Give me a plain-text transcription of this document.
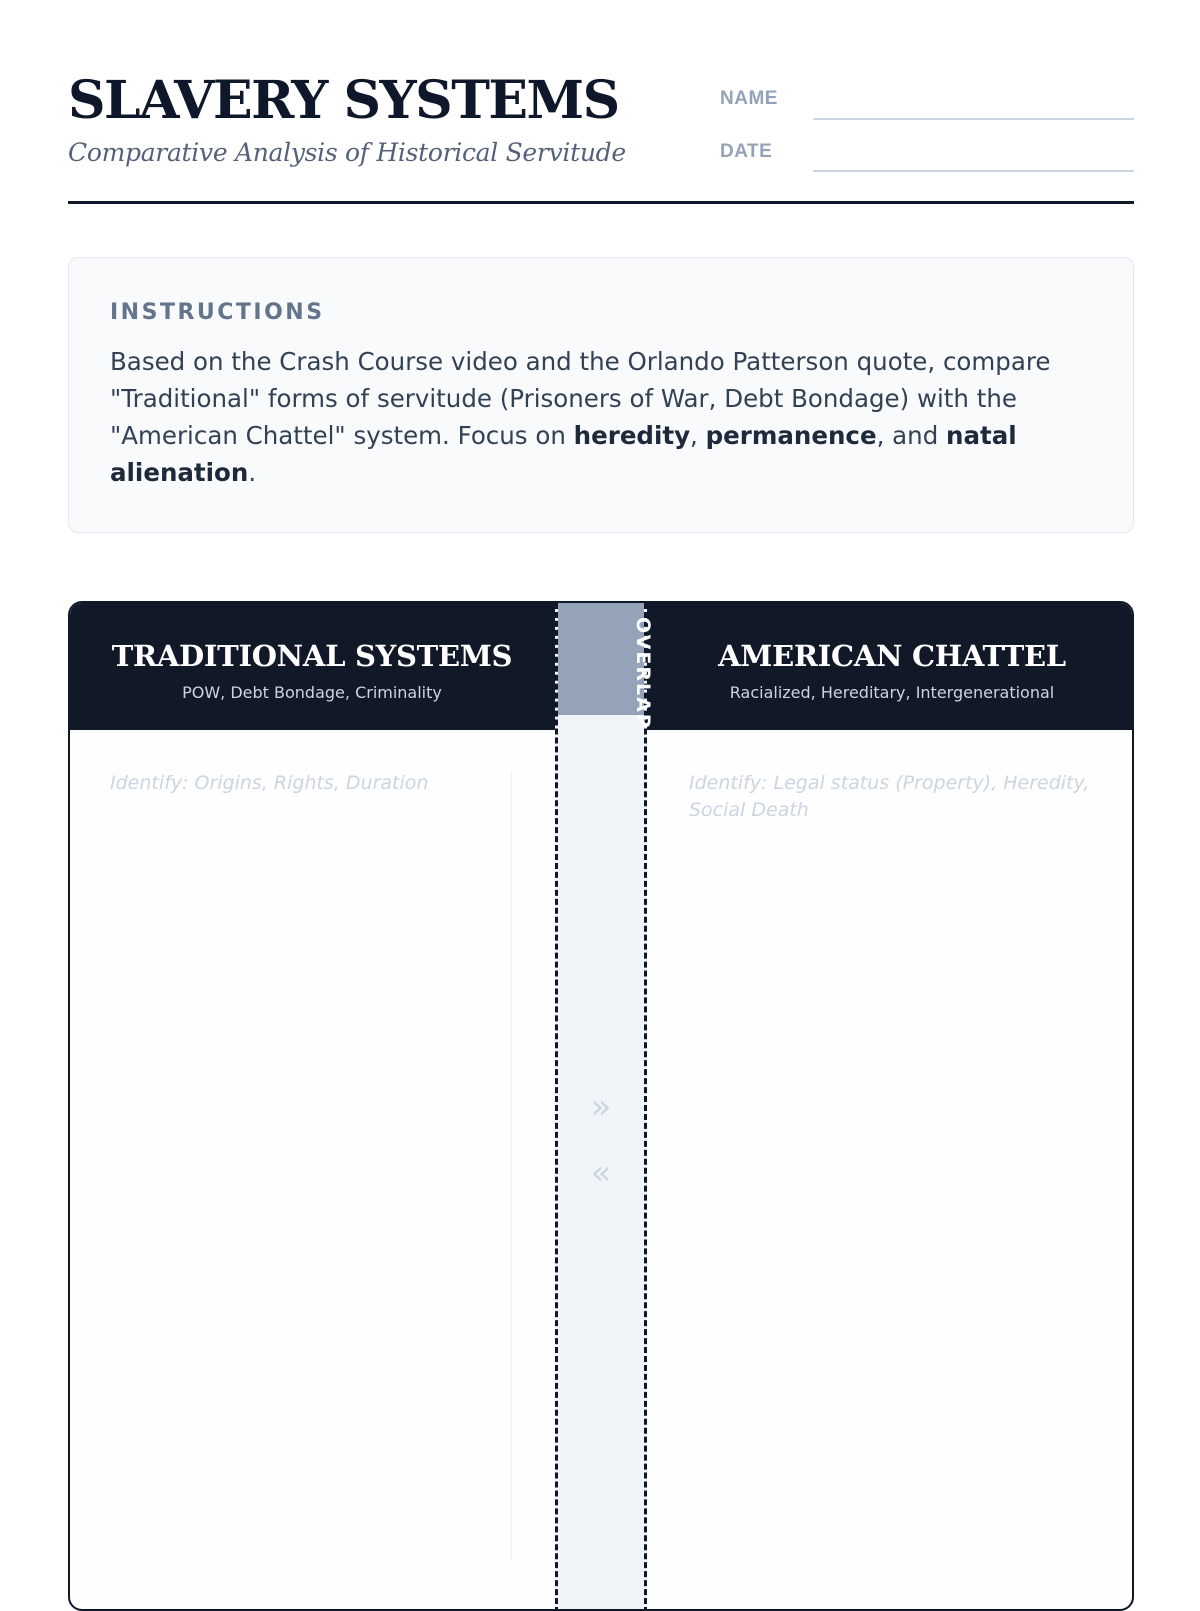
SLAVERY SYSTEMS
Comparative Analysis of Historical Servitude
NAME
DATE
INSTRUCTIONS

Based on the Crash Course video and the Orlando Patterson quote, compare "Traditional" forms of servitude (Prisoners of War, Debt Bondage) with the "American Chattel" system. Focus on heredity, permanence, and natal alienation.

TRADITIONAL SYSTEMS
POW, Debt Bondage, Criminality
AMERICAN CHATTEL
Racialized, Hereditary, Intergenerational
Identify: Origins, Rights, Duration	Identify: Legal status (Property), Heredity, Social Death
OVERLAP
»
«
